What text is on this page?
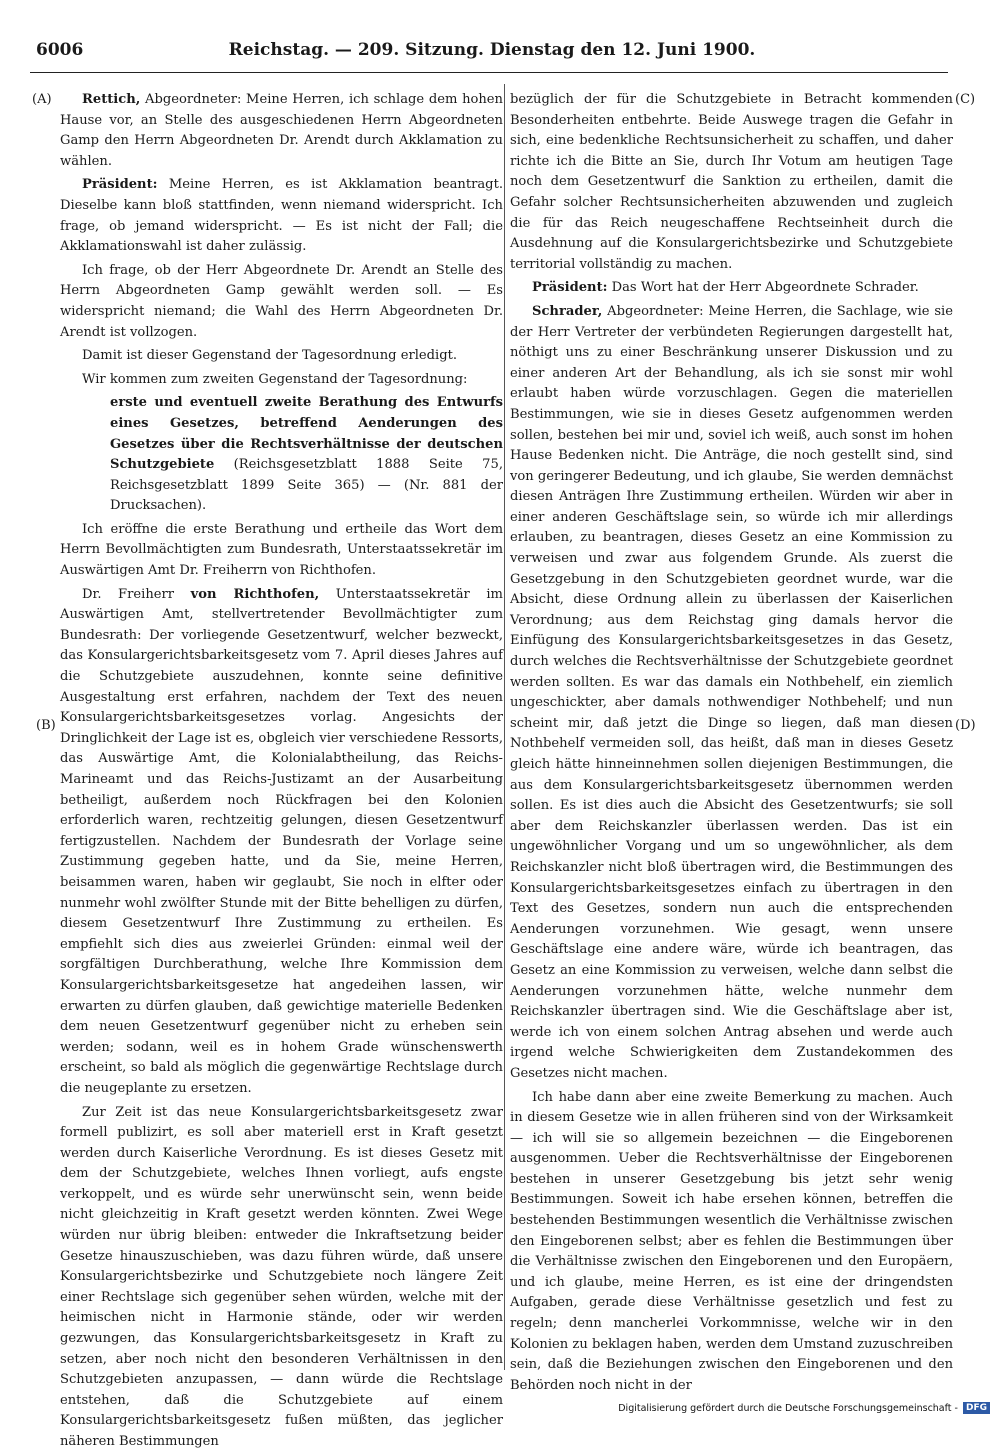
6006	Reichstag. — 209. Sitzung. Dienstag den 12. Juni 1900.
(A)
(B)
(C)
(D)

Rettich, Abgeordneter: Meine Herren, ich schlage dem hohen Hause vor, an Stelle des ausgeschiedenen Herrn Abgeordneten Gamp den Herrn Abgeordneten Dr. Arendt durch Akklamation zu wählen.

Präsident: Meine Herren, es ist Akklamation beantragt. Dieselbe kann bloß stattfinden, wenn niemand widerspricht. Ich frage, ob jemand widerspricht. — Es ist nicht der Fall; die Akklamationswahl ist daher zulässig.

Ich frage, ob der Herr Abgeordnete Dr. Arendt an Stelle des Herrn Abgeordneten Gamp gewählt werden soll. — Es widerspricht niemand; die Wahl des Herrn Abgeordneten Dr. Arendt ist vollzogen.

Damit ist dieser Gegenstand der Tagesordnung erledigt.

Wir kommen zum zweiten Gegenstand der Tagesordnung:

erste und eventuell zweite Berathung des Entwurfs eines Gesetzes, betreffend Aenderungen des Gesetzes über die Rechtsverhältnisse der deutschen Schutzgebiete (Reichsgesetzblatt 1888 Seite 75, Reichsgesetzblatt 1899 Seite 365) — (Nr. 881 der Drucksachen).

Ich eröffne die erste Berathung und ertheile das Wort dem Herrn Bevollmächtigten zum Bundesrath, Unterstaatssekretär im Auswärtigen Amt Dr. Freiherrn von Richthofen.

Dr. Freiherr von Richthofen, Unterstaatssekretär im Auswärtigen Amt, stellvertretender Bevollmächtigter zum Bundesrath: Der vorliegende Gesetzentwurf, welcher bezweckt, das Konsulargerichtsbarkeitsgesetz vom 7. April dieses Jahres auf die Schutzgebiete auszudehnen, konnte seine definitive Ausgestaltung erst erfahren, nachdem der Text des neuen Konsulargerichtsbarkeitsgesetzes vorlag. Angesichts der Dringlichkeit der Lage ist es, obgleich vier verschiedene Ressorts, das Auswärtige Amt, die Kolonialabtheilung, das Reichs-Marineamt und das Reichs-Justizamt an der Ausarbeitung betheiligt, außerdem noch Rückfragen bei den Kolonien erforderlich waren, rechtzeitig gelungen, diesen Gesetzentwurf fertigzustellen. Nachdem der Bundesrath der Vorlage seine Zustimmung gegeben hatte, und da Sie, meine Herren, beisammen waren, haben wir geglaubt, Sie noch in elfter oder nunmehr wohl zwölfter Stunde mit der Bitte behelligen zu dürfen, diesem Gesetzentwurf Ihre Zustimmung zu ertheilen. Es empfiehlt sich dies aus zweierlei Gründen: einmal weil der sorgfältigen Durchberathung, welche Ihre Kommission dem Konsulargerichtsbarkeitsgesetze hat angedeihen lassen, wir erwarten zu dürfen glauben, daß gewichtige materielle Bedenken dem neuen Gesetzentwurf gegenüber nicht zu erheben sein werden; sodann, weil es in hohem Grade wünschenswerth erscheint, so bald als möglich die gegenwärtige Rechtslage durch die neugeplante zu ersetzen.

Zur Zeit ist das neue Konsulargerichtsbarkeitsgesetz zwar formell publizirt, es soll aber materiell erst in Kraft gesetzt werden durch Kaiserliche Verordnung. Es ist dieses Gesetz mit dem der Schutzgebiete, welches Ihnen vorliegt, aufs engste verkoppelt, und es würde sehr unerwünscht sein, wenn beide nicht gleichzeitig in Kraft gesetzt werden könnten. Zwei Wege würden nur übrig bleiben: entweder die Inkraftsetzung beider Gesetze hinauszuschieben, was dazu führen würde, daß unsere Konsulargerichtsbezirke und Schutzgebiete noch längere Zeit einer Rechtslage sich gegenüber sehen würden, welche mit der heimischen nicht in Harmonie stände, oder wir werden gezwungen, das Konsulargerichtsbarkeitsgesetz in Kraft zu setzen, aber noch nicht den besonderen Verhältnissen in den Schutzgebieten anzupassen, — dann würde die Rechtslage entstehen, daß die Schutzgebiete auf einem Konsulargerichtsbarkeitsgesetz fußen müßten, das jeglicher näheren Bestimmungen

bezüglich der für die Schutzgebiete in Betracht kommenden Besonderheiten entbehrte. Beide Auswege tragen die Gefahr in sich, eine bedenkliche Rechtsunsicherheit zu schaffen, und daher richte ich die Bitte an Sie, durch Ihr Votum am heutigen Tage noch dem Gesetzentwurf die Sanktion zu ertheilen, damit die Gefahr solcher Rechtsunsicherheiten abzuwenden und zugleich die für das Reich neugeschaffene Rechtseinheit durch die Ausdehnung auf die Konsulargerichtsbezirke und Schutzgebiete territorial vollständig zu machen.

Präsident: Das Wort hat der Herr Abgeordnete Schrader.

Schrader, Abgeordneter: Meine Herren, die Sachlage, wie sie der Herr Vertreter der verbündeten Regierungen dargestellt hat, nöthigt uns zu einer Beschränkung unserer Diskussion und zu einer anderen Art der Behandlung, als ich sie sonst mir wohl erlaubt haben würde vorzuschlagen. Gegen die materiellen Bestimmungen, wie sie in dieses Gesetz aufgenommen werden sollen, bestehen bei mir und, soviel ich weiß, auch sonst im hohen Hause Bedenken nicht. Die Anträge, die noch gestellt sind, sind von geringerer Bedeutung, und ich glaube, Sie werden demnächst diesen Anträgen Ihre Zustimmung ertheilen. Würden wir aber in einer anderen Geschäftslage sein, so würde ich mir allerdings erlauben, zu beantragen, dieses Gesetz an eine Kommission zu verweisen und zwar aus folgendem Grunde. Als zuerst die Gesetzgebung in den Schutzgebieten geordnet wurde, war die Absicht, diese Ordnung allein zu überlassen der Kaiserlichen Verordnung; aus dem Reichstag ging damals hervor die Einfügung des Konsulargerichtsbarkeitsgesetzes in das Gesetz, durch welches die Rechtsverhältnisse der Schutzgebiete geordnet werden sollten. Es war das damals ein Nothbehelf, ein ziemlich ungeschickter, aber damals nothwendiger Nothbehelf; und nun scheint mir, daß jetzt die Dinge so liegen, daß man diesen Nothbehelf vermeiden soll, das heißt, daß man in dieses Gesetz gleich hätte hinneinnehmen sollen diejenigen Bestimmungen, die aus dem Konsulargerichtsbarkeitsgesetz übernommen werden sollen. Es ist dies auch die Absicht des Gesetzentwurfs; sie soll aber dem Reichskanzler überlassen werden. Das ist ein ungewöhnlicher Vorgang und um so ungewöhnlicher, als dem Reichskanzler nicht bloß übertragen wird, die Bestimmungen des Konsulargerichtsbarkeitsgesetzes einfach zu übertragen in den Text des Gesetzes, sondern nun auch die entsprechenden Aenderungen vorzunehmen. Wie gesagt, wenn unsere Geschäftslage eine andere wäre, würde ich beantragen, das Gesetz an eine Kommission zu verweisen, welche dann selbst die Aenderungen vorzunehmen hätte, welche nunmehr dem Reichskanzler übertragen sind. Wie die Geschäftslage aber ist, werde ich von einem solchen Antrag absehen und werde auch irgend welche Schwierigkeiten dem Zustandekommen des Gesetzes nicht machen.

Ich habe dann aber eine zweite Bemerkung zu machen. Auch in diesem Gesetze wie in allen früheren sind von der Wirksamkeit — ich will sie so allgemein bezeichnen — die Eingeborenen ausgenommen. Ueber die Rechtsverhältnisse der Eingeborenen bestehen in unserer Gesetzgebung bis jetzt sehr wenig Bestimmungen. Soweit ich habe ersehen können, betreffen die bestehenden Bestimmungen wesentlich die Verhältnisse zwischen den Eingeborenen selbst; aber es fehlen die Bestimmungen über die Verhältnisse zwischen den Eingeborenen und den Europäern, und ich glaube, meine Herren, es ist eine der dringendsten Aufgaben, gerade diese Verhältnisse gesetzlich und fest zu regeln; denn mancherlei Vorkommnisse, welche wir in den Kolonien zu beklagen haben, werden dem Umstand zuzuschreiben sein, daß die Beziehungen zwischen den Eingeborenen und den Behörden noch nicht in der

Digitalisierung gefördert durch die Deutsche Forschungsgemeinschaft - DFG
